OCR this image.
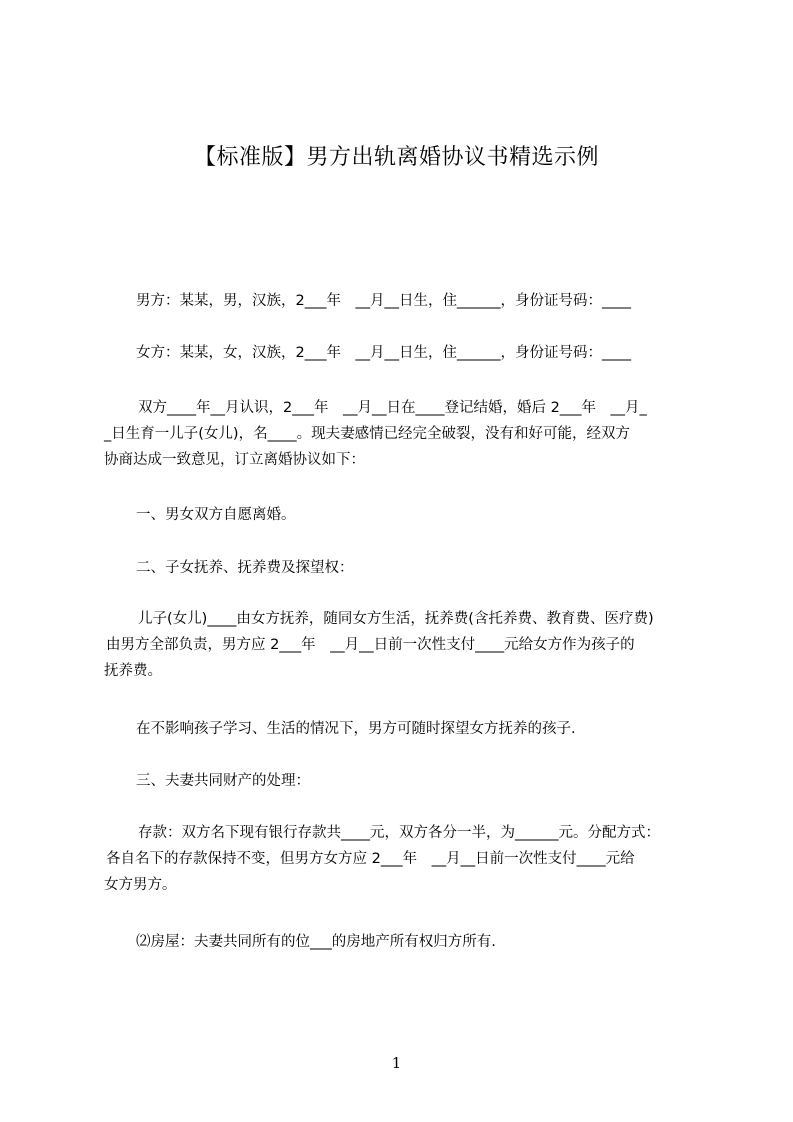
【标准版】男方出轨离婚协议书精选示例
男方：某某，男，汉族，2___年　__月__日生，住______，身份证号码：____
女方：某某，女，汉族，2___年　__月__日生，住______，身份证号码：____
双方____年__月认识，2___年　__月__日在____登记结婚，婚后 2___年　__月_
_日生育一儿子(女儿)，名____。现夫妻感情已经完全破裂，没有和好可能，经双方
协商达成一致意见，订立离婚协议如下：
一、男女双方自愿离婚。
二、子女抚养、抚养费及探望权：
儿子(女儿)____由女方抚养，随同女方生活，抚养费(含托养费、教育费、医疗费)
由男方全部负责，男方应 2___年　__月__日前一次性支付____元给女方作为孩子的
抚养费。
在不影响孩子学习、生活的情况下，男方可随时探望女方抚养的孩子.
三、夫妻共同财产的处理：
存款：双方名下现有银行存款共____元，双方各分一半，为______元。分配方式：
各自名下的存款保持不变，但男方女方应 2___年　__月__日前一次性支付____元给
女方男方。
⑵房屋：夫妻共同所有的位___的房地产所有权归方所有.
1
